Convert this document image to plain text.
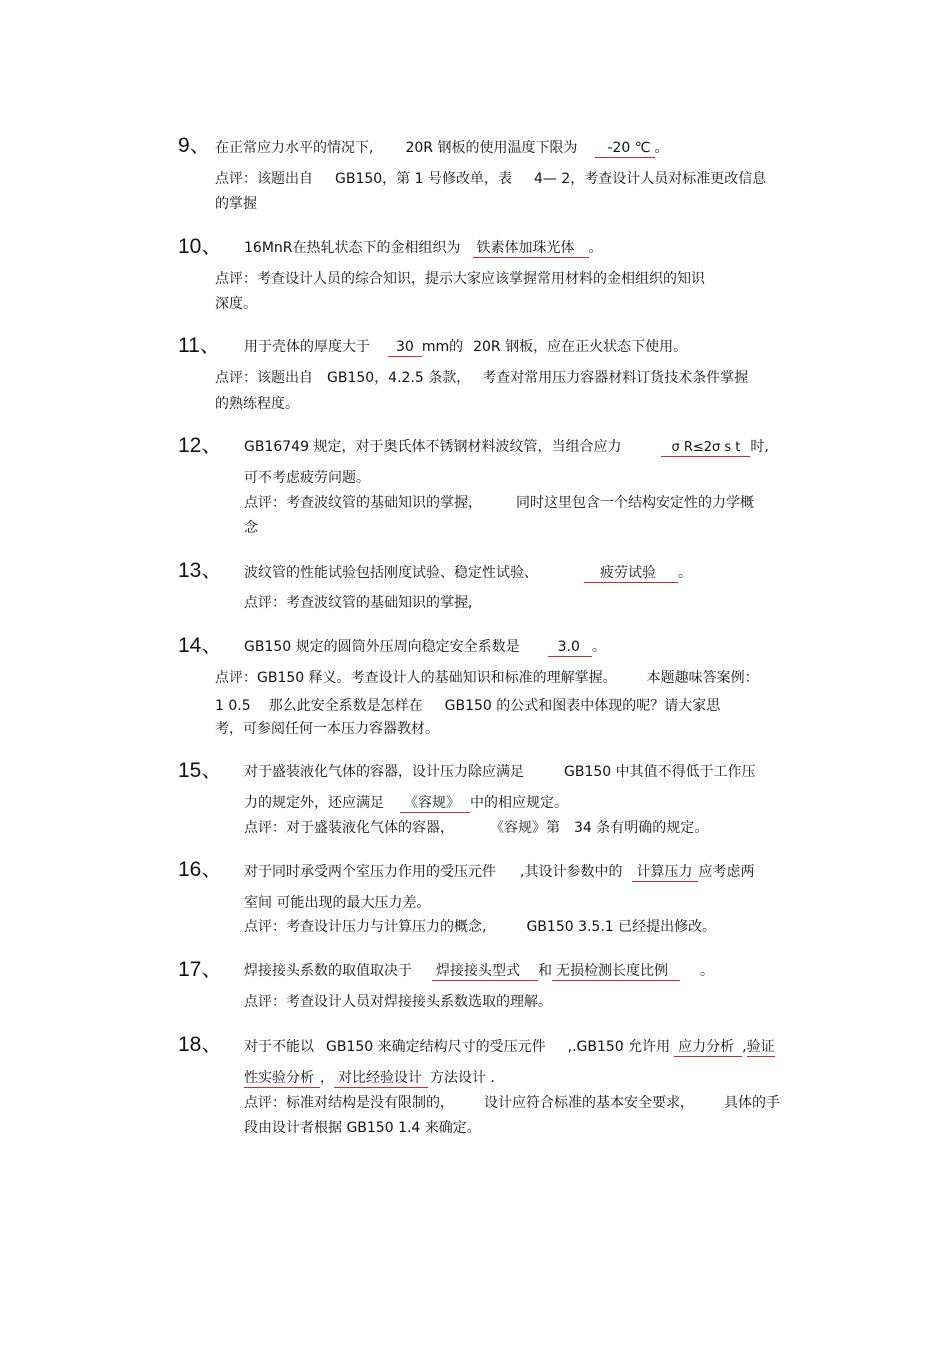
9、 在正常应力水平的情况下, 20R 钢板的使用温度下限为 -20 ℃ 。
点评：该题出自 GB150，第 1 号修改单，表 4— 2，考查设计人员对标准更改信息
的掌握
10、 16MnR在热轧状态下的金相组织为 铁素体加珠光体 。
点评：考查设计人员的综合知识，提示大家应该掌握常用材料的金相组织的知识
深度。
11、 用于壳体的厚度大于 30 mm的 20R 钢板，应在正火状态下使用。
点评：该题出自 GB150，4.2.5 条款， 考查对常用压力容器材料订货技术条件掌握
的熟练程度。
12、 GB16749 规定，对于奥氏体不锈钢材料波纹管，当组合应力	σ R≤2σ s t 时,
可不考虑疲劳问题。
点评：考查波纹管的基础知识的掌握， 同时这里包含一个结构安定性的力学概
念
13、 波纹管的性能试验包括刚度试验、稳定性试验、	疲劳试验 。
点评：考查波纹管的基础知识的掌握,
14、 GB150 规定的圆筒外压周向稳定安全系数是	3.0 。
点评：GB150 释义。考查设计人的基础知识和标准的理解掌握。 本题趣味答案例：
1 0.5 那么此安全系数是怎样在 GB150 的公式和图表中体现的呢？请大家思
考，可参阅任何一本压力容器教材。
15、 对于盛装液化气体的容器，设计压力除应满足	GB150 中其值不得低于工作压
力的规定外，还应满足 《容规》 中的相应规定。
点评：对于盛装液化气体的容器，	《容规》第 34 条有明确的规定。
16、 对于同时承受两个室压力作用的受压元件 ,其设计参数中的 计算压力 应考虑两
室间 可能出现的最大压力差。
点评：考查设计压力与计算压力的概念,	GB150 3.5.1 已经提出修改。
17、 焊接接头系数的取值取决于 焊接接头型式 和 无损检测长度比例 。
点评：考查设计人员对焊接接头系数选取的理解。
18、 对于不能以 GB150 来确定结构尺寸的受压元件 ,.GB150 允许用 应力分析 ,验证
性实验分析 ， 对比经验设计 方法设计 .
点评：标准对结构是没有限制的， 设计应符合标准的基本安全要求， 具体的手
段由设计者根据 GB150 1.4 来确定。
